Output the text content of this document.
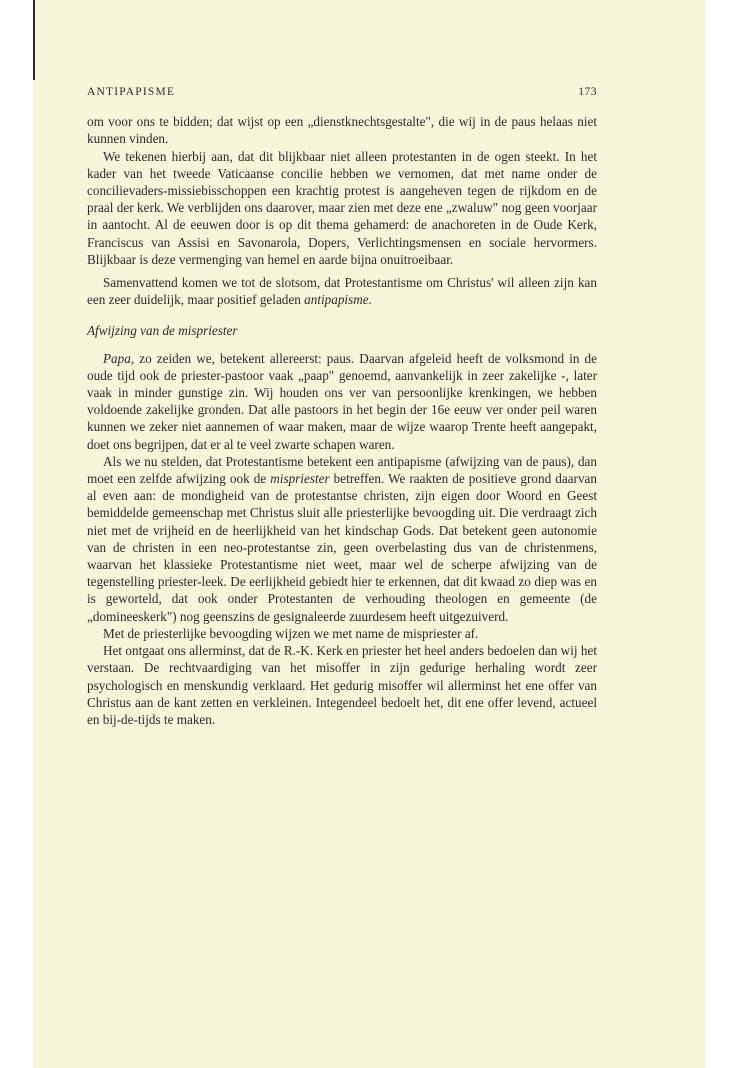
ANTIPAPISME	173

om voor ons te bidden; dat wijst op een „dienstknechtsgestalte", die wij in de paus helaas niet kunnen vinden.

We tekenen hierbij aan, dat dit blijkbaar niet alleen protestanten in de ogen steekt. In het kader van het tweede Vaticaanse concilie hebben we vernomen, dat met name onder de concilievaders-missiebisschoppen een krachtig protest is aangeheven tegen de rijkdom en de praal der kerk. We verblijden ons daarover, maar zien met deze ene „zwaluw" nog geen voorjaar in aantocht. Al de eeuwen door is op dit thema gehamerd: de anachoreten in de Oude Kerk, Franciscus van Assisi en Savonarola, Dopers, Verlichtingsmensen en sociale hervormers. Blijkbaar is deze vermenging van hemel en aarde bijna onuitroeibaar.

Samenvattend komen we tot de slotsom, dat Protestantisme om Christus' wil alleen zijn kan een zeer duidelijk, maar positief geladen antipapisme.

Afwijzing van de mispriester

Papa, zo zeiden we, betekent allereerst: paus. Daarvan afgeleid heeft de volksmond in de oude tijd ook de priester-pastoor vaak „paap" genoemd, aanvankelijk in zeer zakelijke -, later vaak in minder gunstige zin. Wij houden ons ver van persoonlijke krenkingen, we hebben voldoende zakelijke gronden. Dat alle pastoors in het begin der 16e eeuw ver onder peil waren kunnen we zeker niet aannemen of waar maken, maar de wijze waarop Trente heeft aangepakt, doet ons begrijpen, dat er al te veel zwarte schapen waren.

Als we nu stelden, dat Protestantisme betekent een antipapisme (afwijzing van de paus), dan moet een zelfde afwijzing ook de mispriester betreffen. We raakten de positieve grond daarvan al even aan: de mondigheid van de protestantse christen, zijn eigen door Woord en Geest bemiddelde gemeenschap met Christus sluit alle priesterlijke bevoogding uit. Die verdraagt zich niet met de vrijheid en de heerlijkheid van het kindschap Gods. Dat betekent geen autonomie van de christen in een neo-protestantse zin, geen overbelasting dus van de christenmens, waarvan het klassieke Protestantisme niet weet, maar wel de scherpe afwijzing van de tegenstelling priester-leek. De eerlijkheid gebiedt hier te erkennen, dat dit kwaad zo diep was en is geworteld, dat ook onder Protestanten de verhouding theologen en gemeente (de „domineeskerk") nog geenszins de gesignaleerde zuurdesem heeft uitgezuiverd.

Met de priesterlijke bevoogding wijzen we met name de mispriester af.

Het ontgaat ons allerminst, dat de R.-K. Kerk en priester het heel anders bedoelen dan wij het verstaan. De rechtvaardiging van het misoffer in zijn gedurige herhaling wordt zeer psychologisch en menskundig verklaard. Het gedurig misoffer wil allerminst het ene offer van Christus aan de kant zetten en verkleinen. Integendeel bedoelt het, dit ene offer levend, actueel en bij-de-tijds te maken.
